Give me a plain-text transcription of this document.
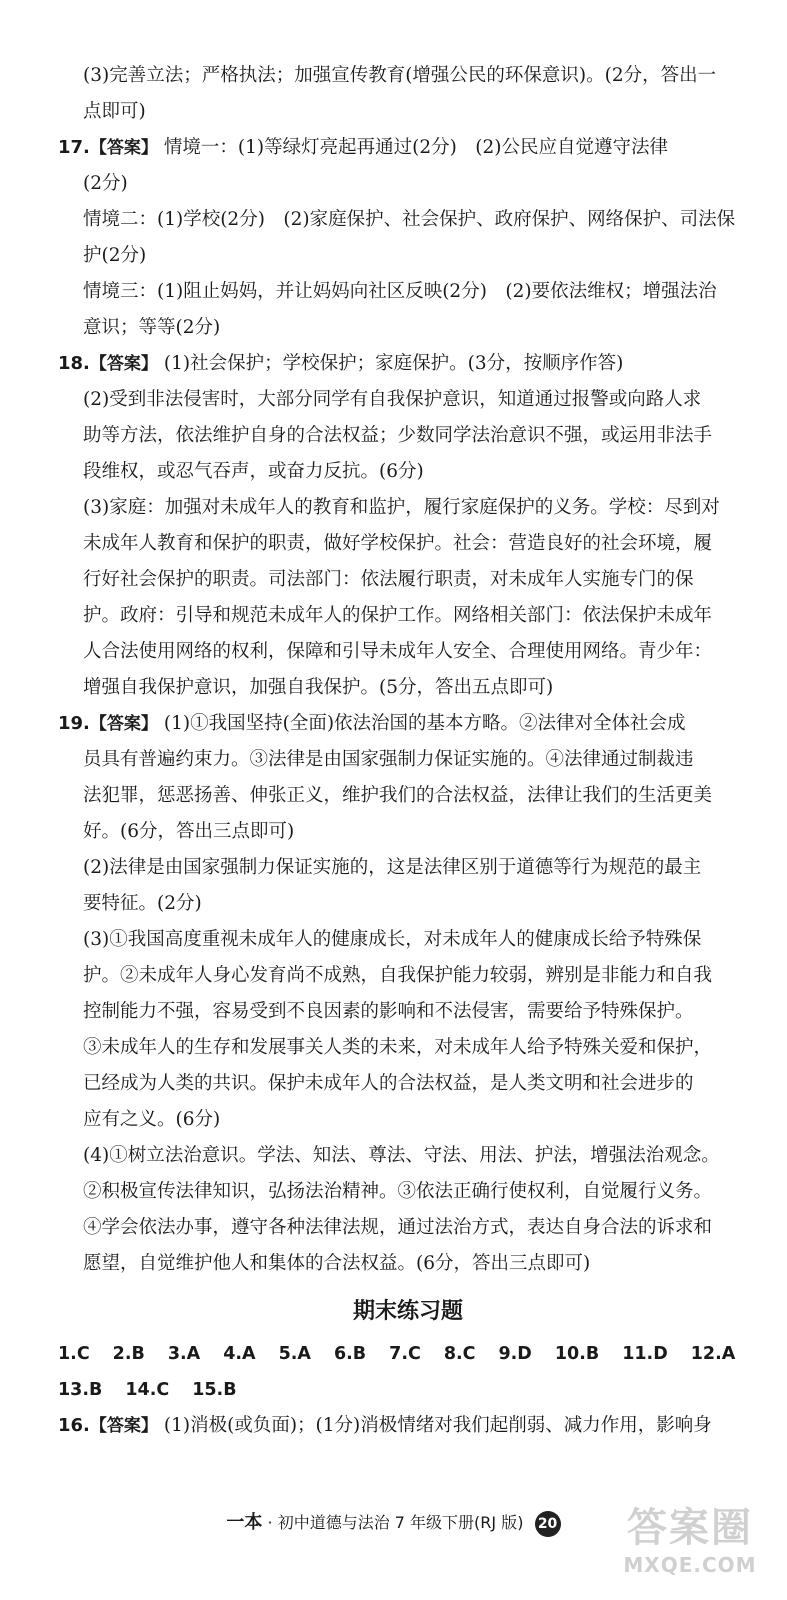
(3)完善立法；严格执法；加强宣传教育(增强公民的环保意识)。(2分，答出一
点即可)
17.【答案】 情境一：(1)等绿灯亮起再通过(2分)　(2)公民应自觉遵守法律
(2分)
情境二：(1)学校(2分)　(2)家庭保护、社会保护、政府保护、网络保护、司法保
护(2分)
情境三：(1)阻止妈妈，并让妈妈向社区反映(2分)　(2)要依法维权；增强法治
意识；等等(2分)
18.【答案】 (1)社会保护；学校保护；家庭保护。(3分，按顺序作答)
(2)受到非法侵害时，大部分同学有自我保护意识，知道通过报警或向路人求
助等方法，依法维护自身的合法权益；少数同学法治意识不强，或运用非法手
段维权，或忍气吞声，或奋力反抗。(6分)
(3)家庭：加强对未成年人的教育和监护，履行家庭保护的义务。学校：尽到对
未成年人教育和保护的职责，做好学校保护。社会：营造良好的社会环境，履
行好社会保护的职责。司法部门：依法履行职责，对未成年人实施专门的保
护。政府：引导和规范未成年人的保护工作。网络相关部门：依法保护未成年
人合法使用网络的权利，保障和引导未成年人安全、合理使用网络。青少年：
增强自我保护意识，加强自我保护。(5分，答出五点即可)
19.【答案】 (1)①我国坚持(全面)依法治国的基本方略。②法律对全体社会成
员具有普遍约束力。③法律是由国家强制力保证实施的。④法律通过制裁违
法犯罪，惩恶扬善、伸张正义，维护我们的合法权益，法律让我们的生活更美
好。(6分，答出三点即可)
(2)法律是由国家强制力保证实施的，这是法律区别于道德等行为规范的最主
要特征。(2分)
(3)①我国高度重视未成年人的健康成长，对未成年人的健康成长给予特殊保
护。②未成年人身心发育尚不成熟，自我保护能力较弱，辨别是非能力和自我
控制能力不强，容易受到不良因素的影响和不法侵害，需要给予特殊保护。
③未成年人的生存和发展事关人类的未来，对未成年人给予特殊关爱和保护，
已经成为人类的共识。保护未成年人的合法权益，是人类文明和社会进步的
应有之义。(6分)
(4)①树立法治意识。学法、知法、尊法、守法、用法、护法，增强法治观念。
②积极宣传法律知识，弘扬法治精神。③依法正确行使权利，自觉履行义务。
④学会依法办事，遵守各种法律法规，通过法治方式，表达自身合法的诉求和
愿望，自觉维护他人和集体的合法权益。(6分，答出三点即可)
期末练习题
1.C 2.B 3.A 4.A 5.A 6.B 7.C 8.C 9.D 10.B 11.D 12.A
13.B 14.C 15.B
16.【答案】 (1)消极(或负面)；(1分)消极情绪对我们起削弱、减力作用，影响身
一本 · 初中道德与法治 7 年级下册(RJ 版) 20	答案圈
MXQE.COM
